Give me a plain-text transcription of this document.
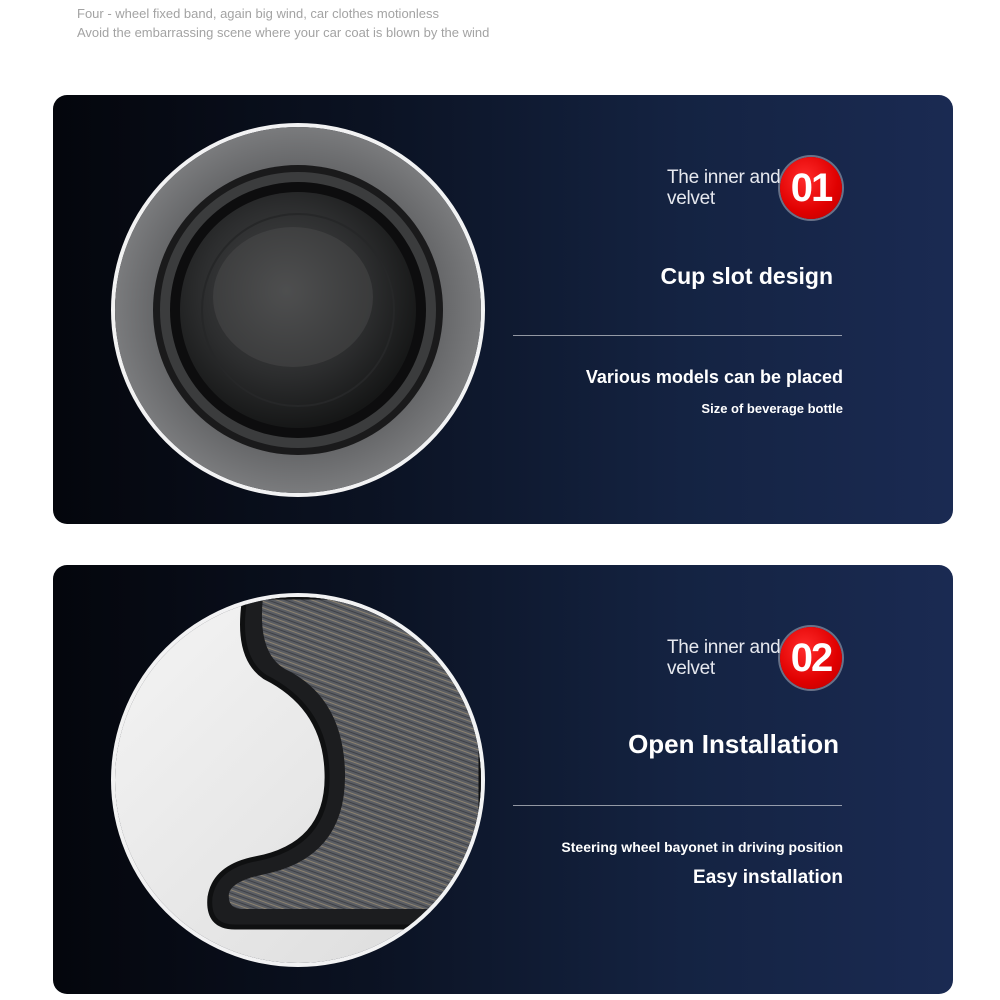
Four - wheel fixed band, again big wind, car clothes motionless
Avoid the embarrassing scene where your car coat is blown by the wind
The inner and velvet	01
Cup slot design
Various models can be placed
Size of beverage bottle
The inner and velvet	02
Open Installation
Steering wheel bayonet in driving position
Easy installation
